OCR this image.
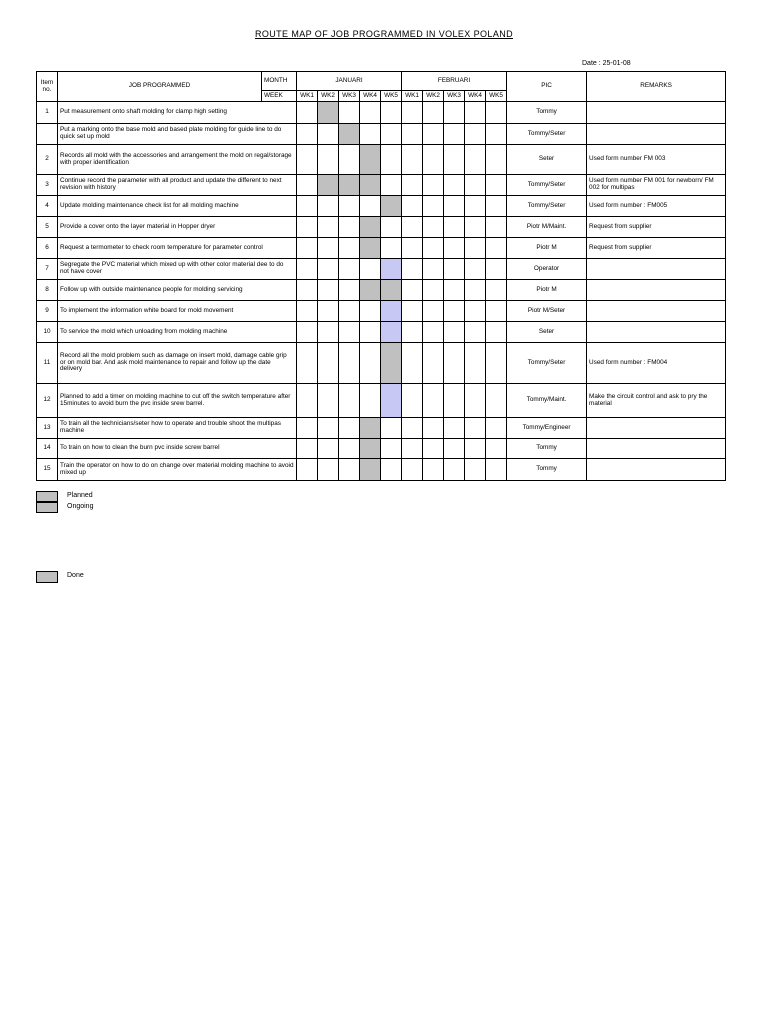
ROUTE MAP OF JOB PROGRAMMED IN VOLEX POLAND
Date : 25-01-08
Item no.	JOB PROGRAMMED	MONTH	JANUARI					FEBRUARI					PIC	REMARKS
		WEEK	WK1	WK2	WK3	WK4	WK5	WK1	WK2	WK3	WK4	WK5		
1	Put measurement onto shaft molding for clamp high setting												Tommy	
	Put a marking onto the base mold and based plate molding for guide line to do quick set up mold												Tommy/Seter	
2	Records all mold with the accessories and arrangement the mold on regal/storage with proper identification												Seter	Used form number FM 003
3	Continue record the parameter with all product and update the different to next revision with history												Tommy/Seter	Used form number FM 001 for newborn/ FM 002 for multipas
4	Update molding maintenance check list for all molding machine												Tommy/Seter	Used form number : FM005
5	Provide a cover onto the layer material in Hopper dryer												Piotr M/Maint.	Request from supplier
6	Request a termometer to check room temperature for parameter control												Piotr M	Request from supplier
7	Segregate the PVC material which mixed up with other color material dee to do not have cover												Operator	
8	Follow up with outside maintenance people for molding servicing												Piotr M	
9	To implement the information white board for mold movement												Piotr M/Seter	
10	To service the mold which unloading from molding machine												Seter	
11	Record all the mold problem such as damage on insert mold, damage cable grip or on mold bar. And ask mold maintenance to repair and follow up the date delivery												Tommy/Seter	Used form number : FM004
12	Planned to add a timer on molding machine to cut off the switch temperature after 15minutes to avoid burn the pvc inside srew barrel.												Tommy/Maint.	Make the circuit control and ask to pry the material
13	To train all the technicians/seter how to operate and trouble shoot the multipas machine												Tommy/Engineer	
14	To train on how to clean the burn pvc inside screw barrel												Tommy	
15	Train the operator on how to do on change over material molding machine to avoid mixed up												Tommy	
Planned
Ongoing
Done
